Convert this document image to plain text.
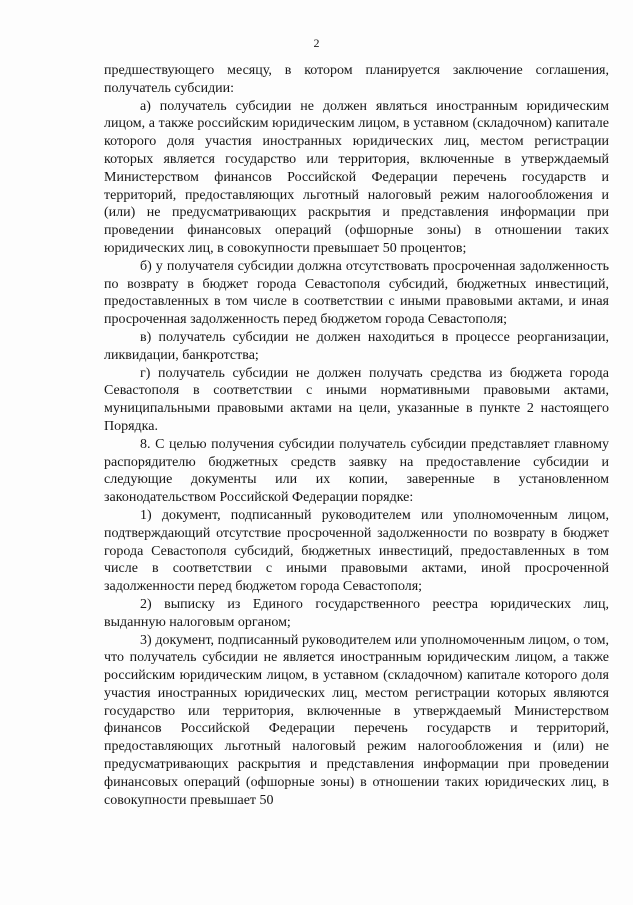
2

предшествующего месяцу, в котором планируется заключение соглашения, получатель субсидии:

а) получатель субсидии не должен являться иностранным юридическим лицом, а также российским юридическим лицом, в уставном (складочном) капитале которого доля участия иностранных юридических лиц, местом регистрации которых является государство или территория, включенные в утверждаемый Министерством финансов Российской Федерации перечень государств и территорий, предоставляющих льготный налоговый режим налогообложения и (или) не предусматривающих раскрытия и представления информации при проведении финансовых операций (офшорные зоны) в отношении таких юридических лиц, в совокупности превышает 50 процентов;

б) у получателя субсидии должна отсутствовать просроченная задолженность по возврату в бюджет города Севастополя субсидий, бюджетных инвестиций, предоставленных в том числе в соответствии с иными правовыми актами, и иная просроченная задолженность перед бюджетом города Севастополя;

в) получатель субсидии не должен находиться в процессе реорганизации, ликвидации, банкротства;

г) получатель субсидии не должен получать средства из бюджета города Севастополя в соответствии с иными нормативными правовыми актами, муниципальными правовыми актами на цели, указанные в пункте 2 настоящего Порядка.

8. С целью получения субсидии получатель субсидии представляет главному распорядителю бюджетных средств заявку на предоставление субсидии и следующие документы или их копии, заверенные в установленном законодательством Российской Федерации порядке:

1) документ, подписанный руководителем или уполномоченным лицом, подтверждающий отсутствие просроченной задолженности по возврату в бюджет города Севастополя субсидий, бюджетных инвестиций, предоставленных в том числе в соответствии с иными правовыми актами, иной просроченной задолженности перед бюджетом города Севастополя;

2) выписку из Единого государственного реестра юридических лиц, выданную налоговым органом;

3) документ, подписанный руководителем или уполномоченным лицом, о том, что получатель субсидии не является иностранным юридическим лицом, а также российским юридическим лицом, в уставном (складочном) капитале которого доля участия иностранных юридических лиц, местом регистрации которых являются государство или территория, включенные в утверждаемый Министерством финансов Российской Федерации перечень государств и территорий, предоставляющих льготный налоговый режим налогообложения и (или) не предусматривающих раскрытия и представления информации при проведении финансовых операций (офшорные зоны) в отношении таких юридических лиц, в совокупности превышает 50
